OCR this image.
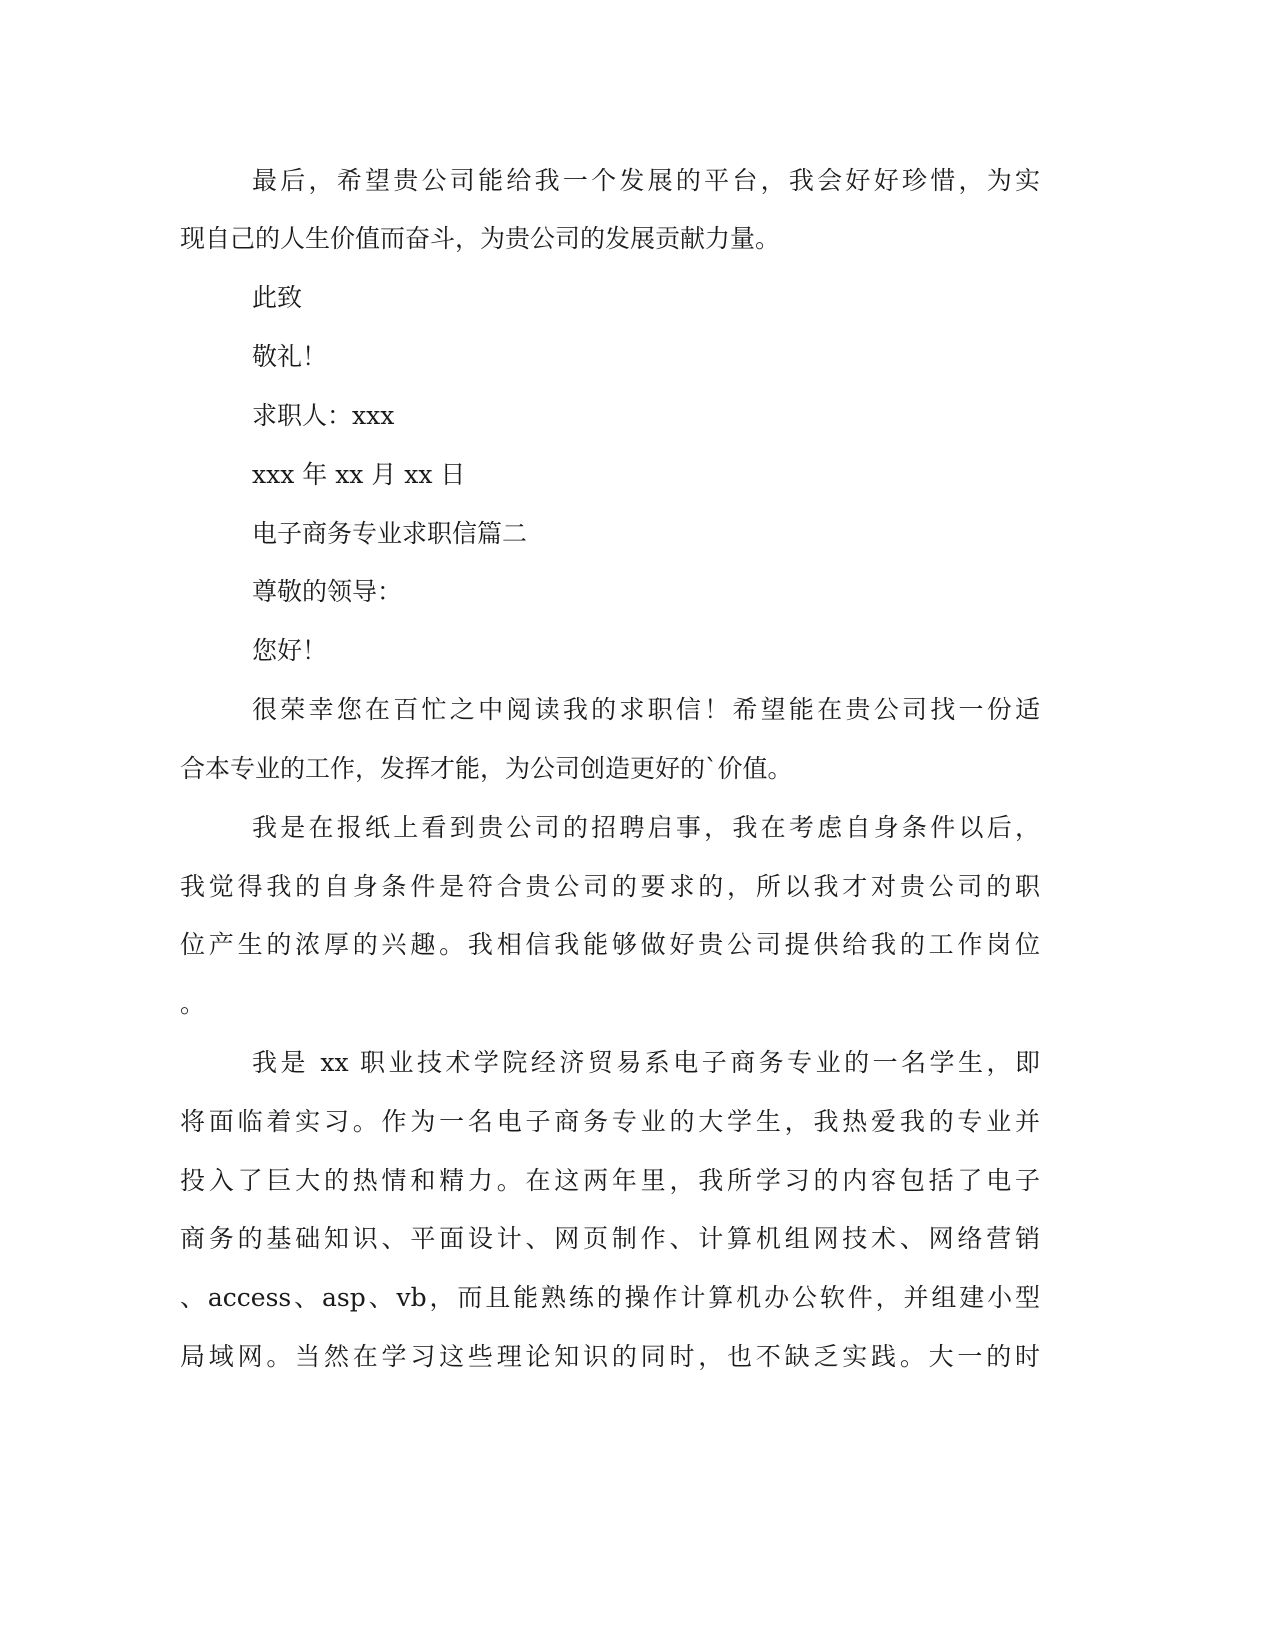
最后，希望贵公司能给我一个发展的平台，我会好好珍惜，为实
现自己的人生价值而奋斗，为贵公司的发展贡献力量。
此致
敬礼！
求职人：xxx
xxx 年 xx 月 xx 日
电子商务专业求职信篇二
尊敬的领导：
您好！
很荣幸您在百忙之中阅读我的求职信！希望能在贵公司找一份适
合本专业的工作，发挥才能，为公司创造更好的`价值。
我是在报纸上看到贵公司的招聘启事，我在考虑自身条件以后，
我觉得我的自身条件是符合贵公司的要求的，所以我才对贵公司的职
位产生的浓厚的兴趣。我相信我能够做好贵公司提供给我的工作岗位
。
我是 xx 职业技术学院经济贸易系电子商务专业的一名学生，即
将面临着实习。作为一名电子商务专业的大学生，我热爱我的专业并
投入了巨大的热情和精力。在这两年里，我所学习的内容包括了电子
商务的基础知识、平面设计、网页制作、计算机组网技术、网络营销
、access、asp、vb，而且能熟练的操作计算机办公软件，并组建小型
局域网。当然在学习这些理论知识的同时，也不缺乏实践。大一的时
